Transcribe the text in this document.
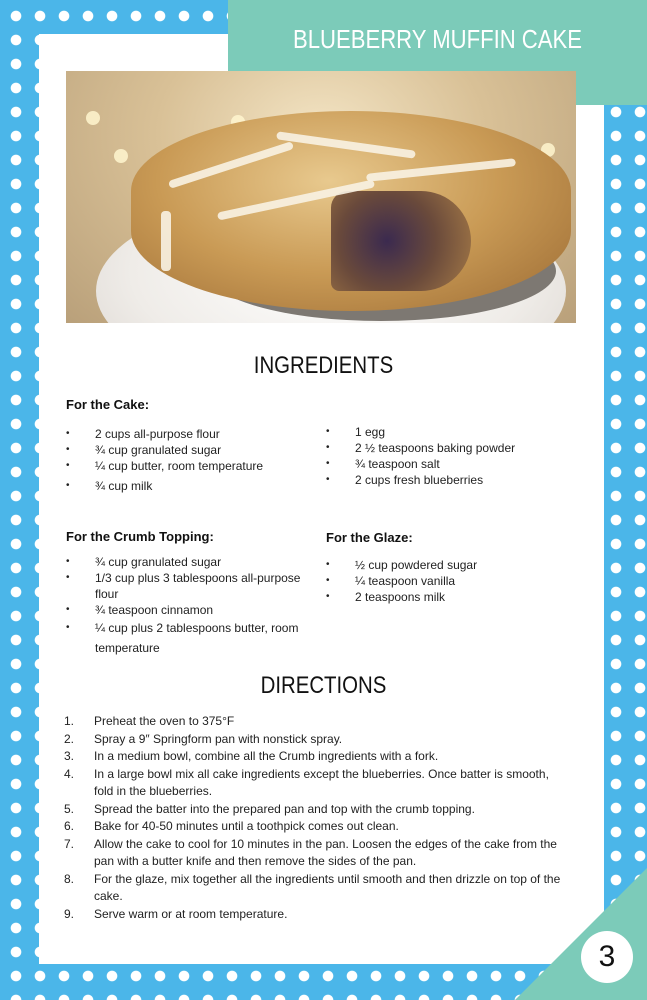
BLUEBERRY MUFFIN CAKE
INGREDIENTS
For the Cake:
• 2 cups all-purpose flour
• ¾ cup granulated sugar
• ¼ cup butter, room temperature
• ¾ cup milk
• 1 egg
• 2 ½ teaspoons baking powder
• ¾ teaspoon salt
• 2 cups fresh blueberries
For the Crumb Topping:
• ¾ cup granulated sugar
• 1/3 cup plus 3 tablespoons all-purpose flour
• ¾ teaspoon cinnamon
• ¼ cup plus 2 tablespoons butter, room temperature
For the Glaze:
• ½ cup powdered sugar
• ¼ teaspoon vanilla
• 2 teaspoons milk
DIRECTIONS
1. Preheat the oven to 375°F
2. Spray a 9″ Springform pan with nonstick spray.
3. In a medium bowl, combine all the Crumb ingredients with a fork.
4. In a large bowl mix all cake ingredients except the blueberries. Once batter is smooth, fold in the blueberries.
5. Spread the batter into the prepared pan and top with the crumb topping.
6. Bake for 40-50 minutes until a toothpick comes out clean.
7. Allow the cake to cool for 10 minutes in the pan. Loosen the edges of the cake from the pan with a butter knife and then remove the sides of the pan.
8. For the glaze, mix together all the ingredients until smooth and then drizzle on top of the cake.
9. Serve warm or at room temperature.
3
